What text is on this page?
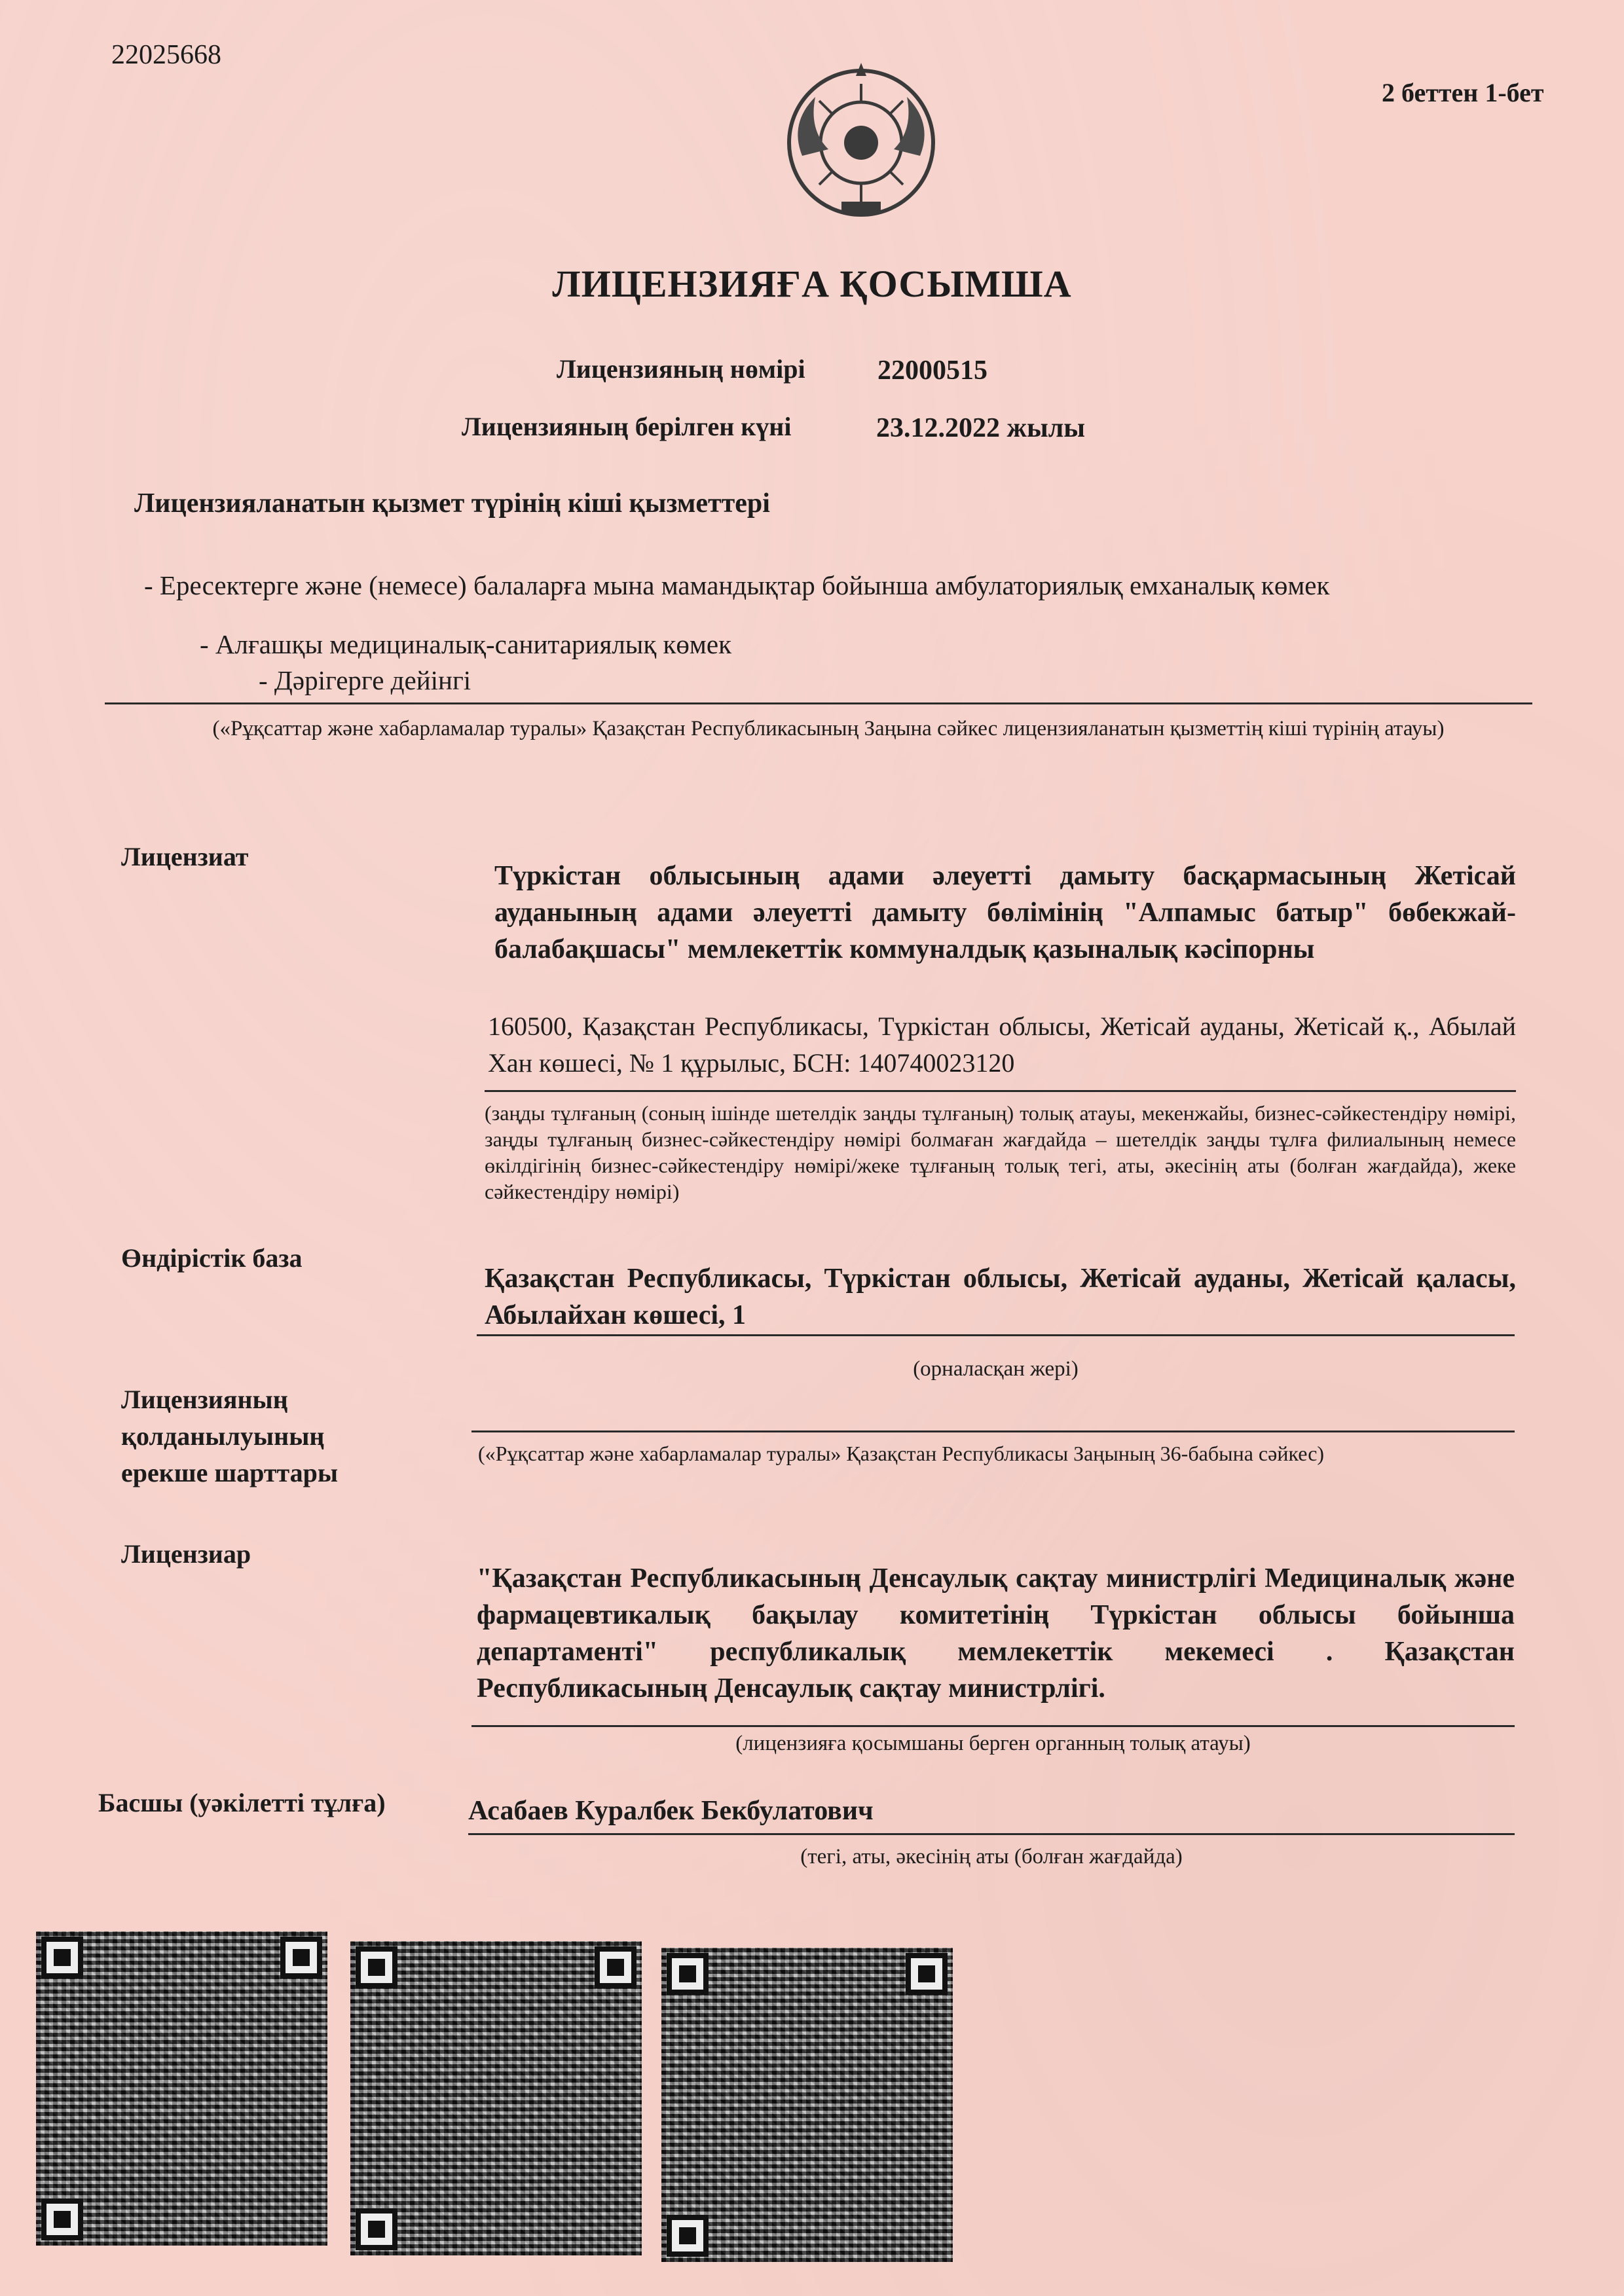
22025668
2 беттен 1-бет
ЛИЦЕНЗИЯҒА ҚОСЫМША
Лицензияның нөмірі	22000515
Лицензияның берілген күні	23.12.2022 жылы
Лицензияланатын қызмет түрінің кіші қызметтері
- Ересектерге және (немесе) балаларға мына мамандықтар бойынша амбулаториялық емханалық көмек
- Алғашқы медициналық-санитариялық көмек
- Дәрігерге дейінгі
(«Рұқсаттар және хабарламалар туралы» Қазақстан Республикасының Заңына сәйкес лицензияланатын қызметтің кіші түрінің атауы)
Лицензиат
Түркістан облысының адами әлеуетті дамыту басқармасының Жетісай ауданының адами әлеуетті дамыту бөлімінің "Алпамыс батыр" бөбекжай-балабақшасы" мемлекеттік коммуналдық қазыналық кәсіпорны
160500, Қазақстан Республикасы, Түркістан облысы, Жетісай ауданы, Жетісай қ., Абылай Хан көшесі, № 1 құрылыс, БСН: 140740023120
(заңды тұлғаның (соның ішінде шетелдік заңды тұлғаның) толық атауы, мекенжайы, бизнес-сәйкестендіру нөмірі, заңды тұлғаның бизнес-сәйкестендіру нөмірі болмаған жағдайда – шетелдік заңды тұлға филиалының немесе өкілдігінің бизнес-сәйкестендіру нөмірі/жеке тұлғаның толық тегі, аты, әкесінің аты (болған жағдайда), жеке сәйкестендіру нөмірі)
Өндірістік база
Қазақстан Республикасы, Түркістан облысы, Жетісай ауданы, Жетісай қаласы, Абылайхан көшесі, 1
(орналасқан жері)
Лицензияның
қолданылуының
ерекше шарттары
(«Рұқсаттар және хабарламалар туралы» Қазақстан Республикасы Заңының 36-бабына сәйкес)
Лицензиар
"Қазақстан Республикасының Денсаулық сақтау министрлігі Медициналық және фармацевтикалық бақылау комитетінің Түркістан облысы бойынша департаменті" республикалық мемлекеттік мекемесі . Қазақстан Республикасының Денсаулық сақтау министрлігі.
(лицензияға қосымшаны берген органның толық атауы)
Басшы (уәкілетті тұлға)	Асабаев Куралбек Бекбулатович
(тегі, аты, әкесінің аты (болған жағдайда)
